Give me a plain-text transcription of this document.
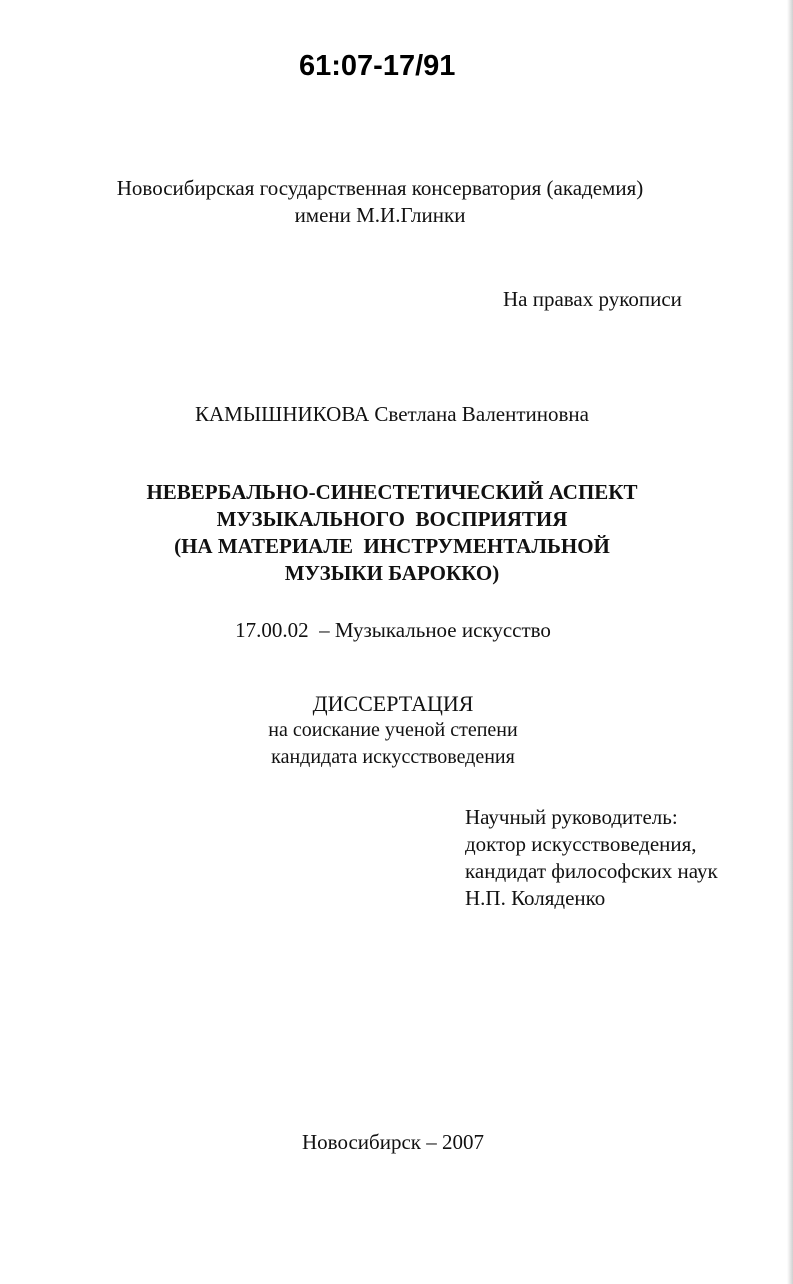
61:07-17/91
Новосибирская государственная консерватория (академия)
имени М.И.Глинки
На правах рукописи
КАМЫШНИКОВА Светлана Валентиновна
НЕВЕРБАЛЬНО-СИНЕСТЕТИЧЕСКИЙ АСПЕКТ
МУЗЫКАЛЬНОГО  ВОСПРИЯТИЯ
(НА МАТЕРИАЛЕ  ИНСТРУМЕНТАЛЬНОЙ
МУЗЫКИ БАРОККО)
17.00.02  – Музыкальное искусство
ДИССЕРТАЦИЯ
на соискание ученой степени
кандидата искусствоведения
Научный руководитель:
доктор искусствоведения,
кандидат философских наук
Н.П. Коляденко
Новосибирск – 2007
